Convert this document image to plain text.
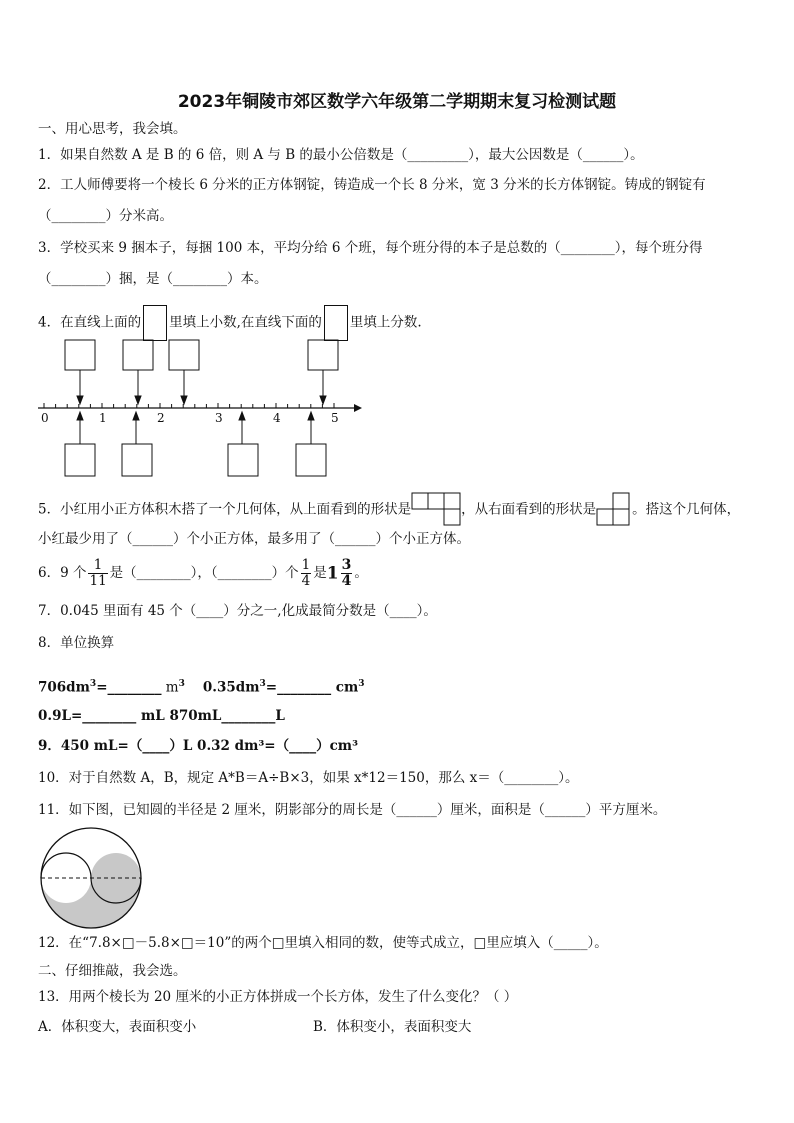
2023年铜陵市郊区数学六年级第二学期期末复习检测试题
一、用心思考，我会填。
1．如果自然数 A 是 B 的 6 倍，则 A 与 B 的最小公倍数是（_________），最大公因数是（______）。
2．工人师傅要将一个棱长 6 分米的正方体钢锭，铸造成一个长 8 分米，宽 3 分米的长方体钢锭。铸成的钢锭有
（________）分米高。
3．学校买来 9 捆本子，每捆 100 本，平均分给 6 个班，每个班分得的本子是总数的（________），每个班分得
（________）捆，是（________）本。
4．在直线上面的 里填上小数,在直线下面的 里填上分数.
0	1	2	3	4	5
5．小红用小正方体积木搭了一个几何体，从上面看到的形状是	，从右面看到的形状是	。搭这个几何体，
小红最少用了（______）个小正方体，最多用了（______）个小正方体。
6．9 个 $\frac{1}{11}$ 是（________），（________）个 $\frac{1}{4}$ 是$1 \frac{3}{4}$ 。
7．0.045 里面有 45 个（____）分之一,化成最简分数是（____）。
8．单位换算
$706dm^3=\_\_\_\_\_\_\_\_$ $m^3$ $0.35dm^3=\_\_\_\_\_\_\_\_$ $cm^3$
0.9L=________ mL 870mL________L
9．450 mL=（____）L 0.32 dm³=（____）cm³
10．对于自然数 A，B，规定 A*B＝A÷B×3，如果 x*12＝150，那么 x＝（________）。
11．如下图，已知圆的半径是 2 厘米，阴影部分的周长是（______）厘米，面积是（______）平方厘米。
12．在“7.8×□－5.8×□＝10”的两个□里填入相同的数，使等式成立，□里应填入（_____）。
二、仔细推敲，我会选。
13．用两个棱长为 20 厘米的小正方体拼成一个长方体，发生了什么变化？（ ）
A．体积变大，表面积变小	B．体积变小，表面积变大
